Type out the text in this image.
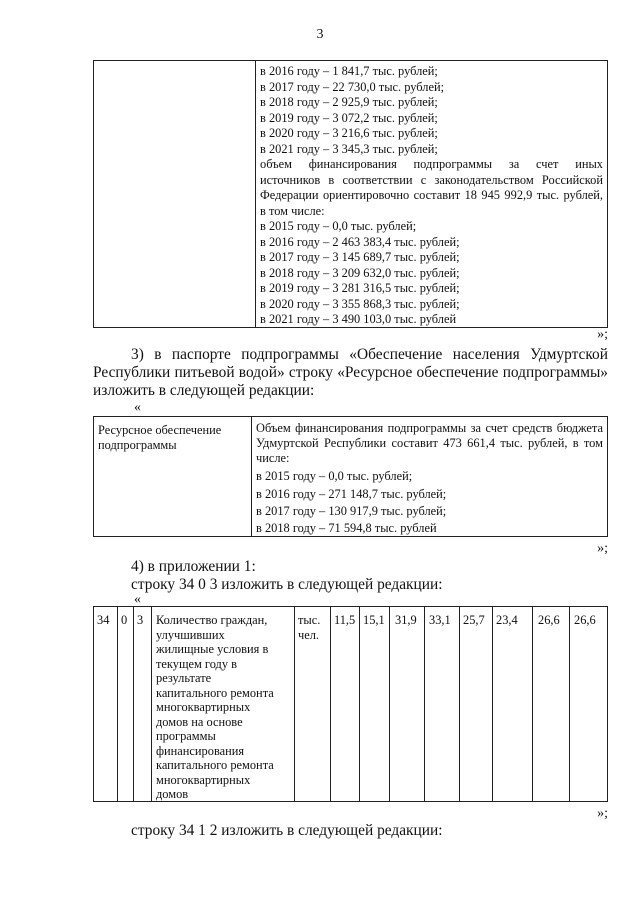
3
в 2016 году – 1 841,7 тыс. рублей;
в 2017 году – 22 730,0 тыс. рублей;
в 2018 году – 2 925,9 тыс. рублей;
в 2019 году – 3 072,2 тыс. рублей;
в 2020 году – 3 216,6 тыс. рублей;
в 2021 году – 3 345,3 тыс. рублей;
объем финансирования подпрограммы за счет иных
источников в соответствии с законодательством Российской
Федерации ориентировочно составит 18 945 992,9 тыс. рублей,
в том числе:
в 2015 году – 0,0 тыс. рублей;
в 2016 году – 2 463 383,4 тыс. рублей;
в 2017 году – 3 145 689,7 тыс. рублей;
в 2018 году – 3 209 632,0 тыс. рублей;
в 2019 году – 3 281 316,5 тыс. рублей;
в 2020 году – 3 355 868,3 тыс. рублей;
в 2021 году – 3 490 103,0 тыс. рублей
»;
3) в паспорте подпрограммы «Обеспечение населения Удмуртской
Республики питьевой водой» строку «Ресурсное обеспечение подпрограммы»
изложить в следующей редакции:
«
Ресурсное обеспечение
подпрограммы
Объем финансирования подпрограммы за счет средств бюджета
Удмуртской Республики составит 473 661,4 тыс. рублей, в том
числе:
в 2015 году – 0,0 тыс. рублей;
в 2016 году – 271 148,7 тыс. рублей;
в 2017 году – 130 917,9 тыс. рублей;
в 2018 году – 71 594,8 тыс. рублей
»;
4) в приложении 1:
строку 34 0 3 изложить в следующей редакции:
«
34 0 3 Количество граждан,
улучшивших
жилищные условия в
текущем году в
результате
капитального ремонта
многоквартирных
домов на основе
программы
финансирования
капитального ремонта
многоквартирных
домов
тыс.
чел.
11,5 15,1 31,9 33,1 25,7 23,4 26,6 26,6
»;
строку 34 1 2 изложить в следующей редакции:
